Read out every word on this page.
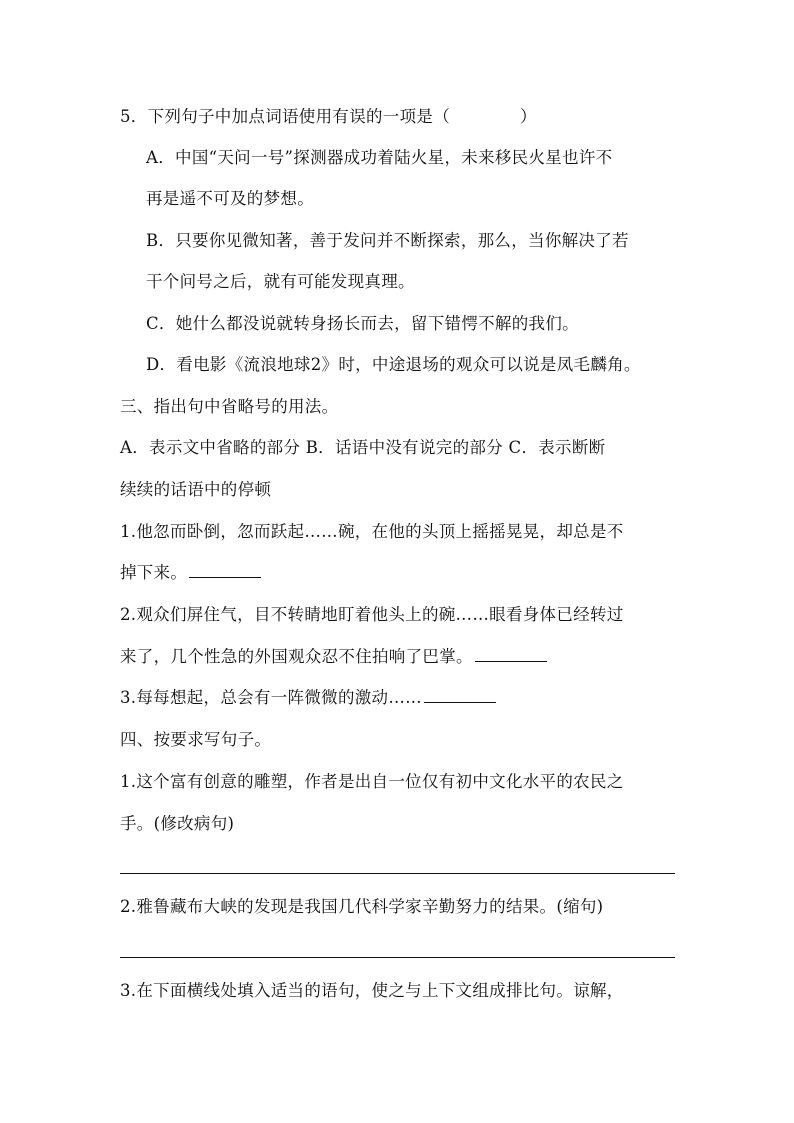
5．下列句子中加点词语使用有误的一项是（	）
A．中国“天问一号”探测器成功着陆火星，未来移民火星也许不
再是遥不可及的梦想。
B．只要你见微知著，善于发问并不断探索，那么，当你解决了若
干个问号之后，就有可能发现真理。
C．她什么都没说就转身扬长而去，留下错愕不解的我们。
D．看电影《流浪地球2》时，中途退场的观众可以说是凤毛麟角。
三、指出句中省略号的用法。
A．表示文中省略的部分 B．话语中没有说完的部分 C．表示断断
续续的话语中的停顿
1.他忽而卧倒，忽而跃起……碗，在他的头顶上摇摇晃晃，却总是不
掉下来。
2.观众们屏住气，目不转睛地盯着他头上的碗……眼看身体已经转过
来了，几个性急的外国观众忍不住拍响了巴掌。
3.每每想起，总会有一阵微微的激动……
四、按要求写句子。
1.这个富有创意的雕塑，作者是出自一位仅有初中文化水平的农民之
手。(修改病句)
2.雅鲁藏布大峡的发现是我国几代科学家辛勤努力的结果。(缩句)
3.在下面横线处填入适当的语句，使之与上下文组成排比句。谅解，
